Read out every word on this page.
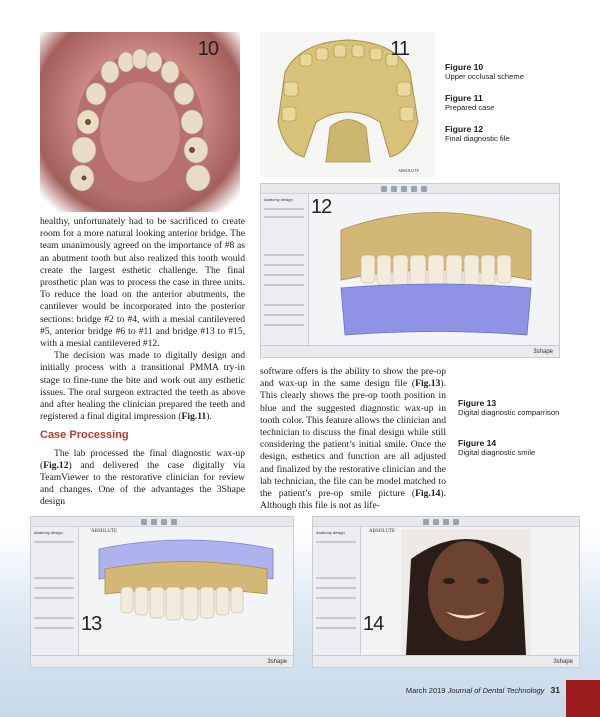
10	11
ABSOLUTE
Anatomy design 12
3shape

healthy, unfortunately had to be sacrificed to create room for a more natural looking anterior bridge. The team unanimously agreed on the importance of #8 as an abutment tooth but also realized this tooth would create the largest esthetic challenge. The final prosthetic plan was to process the case in three units. To reduce the load on the anterior abutments, the cantilever would be incorporated into the posterior sections: bridge #2 to #4, with a mesial cantilevered #5, anterior bridge #6 to #11 and bridge #13 to #15, with a mesial cantilevered #12.

The decision was made to digitally design and initially process with a transitional PMMA try-in stage to fine-tune the bite and work out any esthetic issues. The oral surgeon extracted the teeth as above and after healing the clinician prepared the teeth and registered a final digital impression (Fig.11).

Case Processing

The lab processed the final diagnostic wax-up (Fig.12) and delivered the case digitally via TeamViewer to the restorative clinician for review and changes. One of the advantages the 3Shape design

software offers is the ability to show the pre-op and wax-up in the same design file (Fig.13). This clearly shows the pre-op tooth position in blue and the suggested diagnostic wax-up in tooth color. This feature allows the clinician and technician to discuss the final design while still considering the patient’s initial smile. Once the design, esthetics and function are all adjusted and finalized by the restorative clinician and the lab technician, the file can be model matched to the patient’s pre-op smile picture (Fig.14). Although this file is not as life-

Figure 10
Upper occlusal scheme
Figure 11
Prepared case
Figure 12
Final diagnostic file
Figure 13
Digital diagnostic comparrison
Figure 14
Digital diagnostic smile
Anatomy design	ABSOLUTE
13
3shape
Anatomy design	ABSOLUTE
14
3shape
March 2019 Journal of Dental Technology 31
